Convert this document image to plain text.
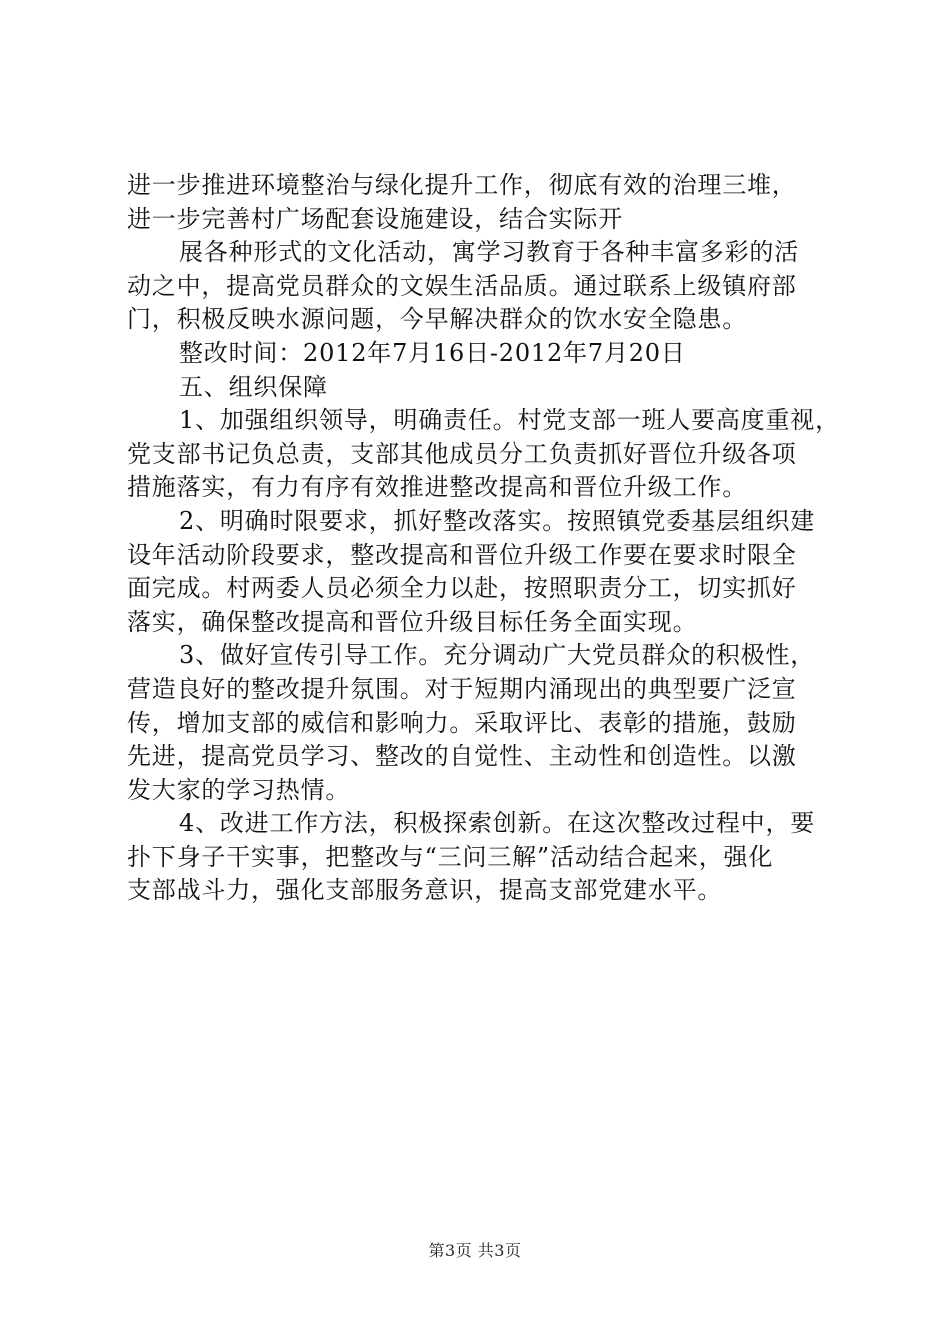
进一步推进环境整治与绿化提升工作，彻底有效的治理三堆，

进一步完善村广场配套设施建设，结合实际开

展各种形式的文化活动，寓学习教育于各种丰富多彩的活

动之中，提高党员群众的文娱生活品质。通过联系上级镇府部

门，积极反映水源问题，今早解决群众的饮水安全隐患。

整改时间：2012年7月16日-2012年7月20日

五、组织保障

1、加强组织领导，明确责任。村党支部一班人要高度重视，

党支部书记负总责，支部其他成员分工负责抓好晋位升级各项

措施落实，有力有序有效推进整改提高和晋位升级工作。

2、明确时限要求，抓好整改落实。按照镇党委基层组织建

设年活动阶段要求，整改提高和晋位升级工作要在要求时限全

面完成。村两委人员必须全力以赴，按照职责分工，切实抓好

落实，确保整改提高和晋位升级目标任务全面实现。

3、做好宣传引导工作。充分调动广大党员群众的积极性，

营造良好的整改提升氛围。对于短期内涌现出的典型要广泛宣

传，增加支部的威信和影响力。采取评比、表彰的措施，鼓励

先进，提高党员学习、整改的自觉性、主动性和创造性。以激

发大家的学习热情。

4、改进工作方法，积极探索创新。在这次整改过程中，要

扑下身子干实事，把整改与“三问三解”活动结合起来，强化

支部战斗力，强化支部服务意识，提高支部党建水平。

第3页 共3页
